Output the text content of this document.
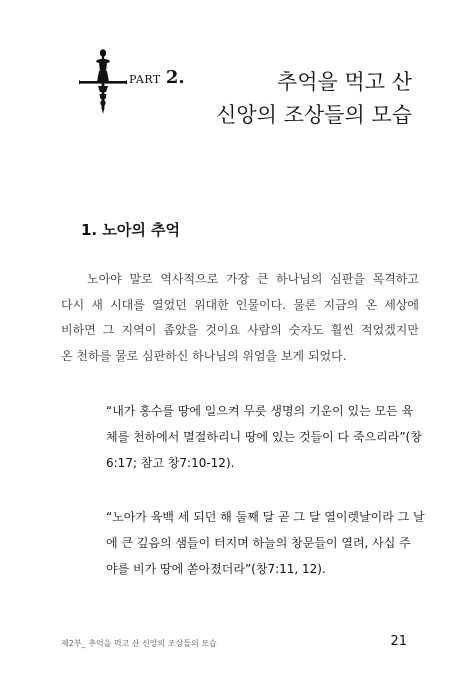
PART 2.	추억을 먹고 산
신앙의 조상들의 모습
1. 노아의 추억
노아야 말로 역사적으로 가장 큰 하나님의 심판을 목격하고
다시 새 시대를 열었던 위대한 인물이다. 물론 지금의 온 세상에
비하면 그 지역이 좁았을 것이요 사람의 숫자도 훨씬 적었겠지만
온 천하를 물로 심판하신 하나님의 위엄을 보게 되었다.
“내가 홍수를 땅에 일으켜 무릇 생명의 기운이 있는 모든 육
체를 천하에서 멸절하리니 땅에 있는 것들이 다 죽으리라”(창
6:17; 참고 창7:10-12).
“노아가 육백 세 되던 해 둘째 달 곧 그 달 열이렛날이라 그 날
에 큰 깊음의 샘들이 터지며 하늘의 창문들이 열려, 사십 주
야를 비가 땅에 쏟아졌더라”(창7:11, 12).
제2부_ 추억을 먹고 산 신앙의 조상들의 모습	21
